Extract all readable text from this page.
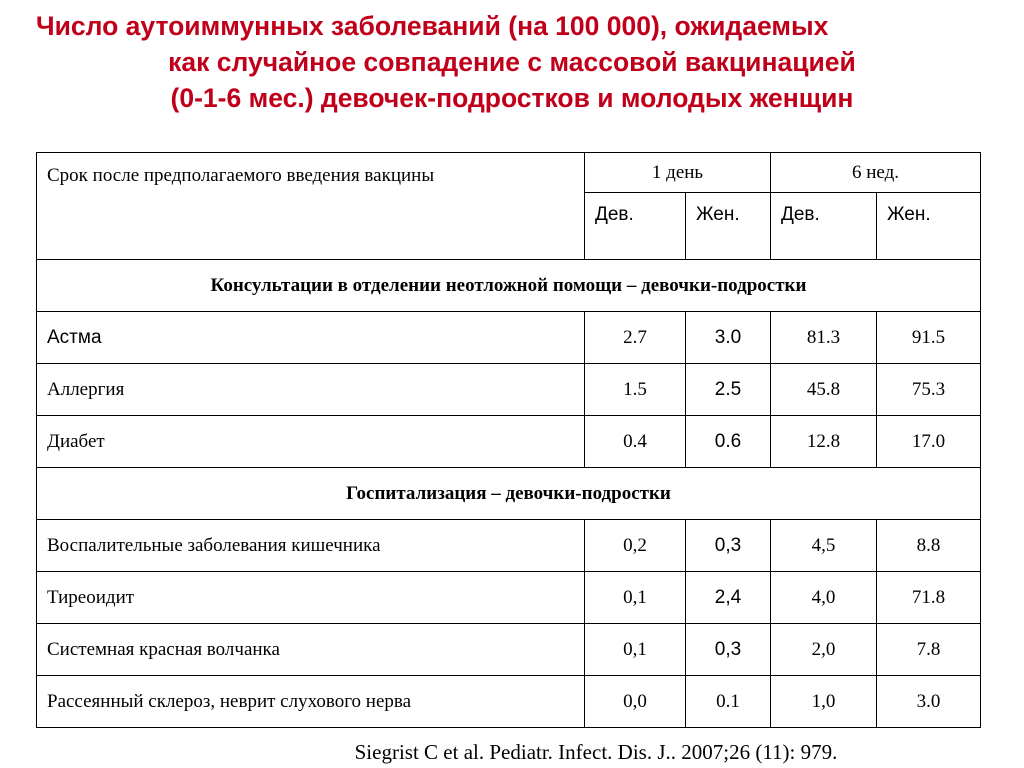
Число аутоиммунных заболеваний (на 100 000), ожидаемых
как случайное совпадение с массовой вакцинацией
(0-1-6 мес.) девочек-подростков и молодых женщин
Срок после предполагаемого введения вакцины	1 день		6 нед.	
	Дев.	Жен.	Дев.	Жен.
Консультации в отделении неотложной помощи – девочки-подростки				
Астма	2.7	3.0	81.3	91.5
Аллергия	1.5	2.5	45.8	75.3
Диабет	0.4	0.6	12.8	17.0
Госпитализация – девочки-подростки				
Воспалительные заболевания кишечника	0,2	0,3	4,5	8.8
Тиреоидит	0,1	2,4	4,0	71.8
Системная красная волчанка	0,1	0,3	2,0	7.8
Рассеянный склероз, неврит слухового нерва	0,0	0.1	1,0	3.0
Siegrist C et al. Pediatr. Infect. Dis. J.. 2007;26 (11): 979.
